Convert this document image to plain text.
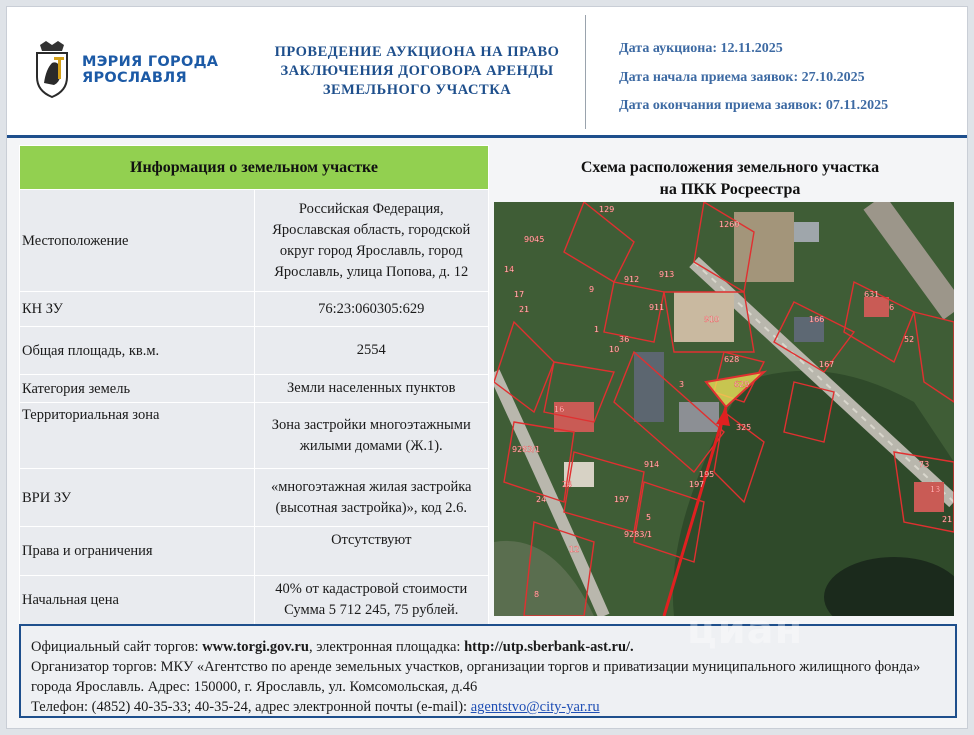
МЭРИЯ ГОРОДА
ЯРОСЛАВЛЯ
ПРОВЕДЕНИЕ АУКЦИОНА НА ПРАВО
ЗАКЛЮЧЕНИЯ ДОГОВОРА АРЕНДЫ
ЗЕМЕЛЬНОГО УЧАСТКА
Дата аукциона: 12.11.2025
Дата начала приема заявок: 27.10.2025
Дата окончания приема заявок: 07.11.2025
Информация о земельном участке	
Местоположение	Российская Федерация, Ярославская область, городской округ город Ярославль, город Ярославль, улица Попова, д. 12
КН ЗУ	76:23:060305:629
Общая площадь, кв.м.	2554
Категория земель	Земли населенных пунктов
Территориальная зона	Зона застройки многоэтажными жилыми домами (Ж.1).
ВРИ ЗУ	«многоэтажная жилая застройка (высотная застройка)», код 2.6.
Права и ограничения	Отсутствуют
Начальная цена	40% от кадастровой стоимости
Сумма 5 712 245, 75 рублей.
Схема расположения земельного участка
на ПКК Росреестра
129
1260
9045
14
17
912
913
9
910
21
166
631
6
1
36
10
911
52
628
629
3
167
16
325
9283/1
914
197
195
73
13
24
24
197
5
9283/1
12
8
21
Официальный сайт торгов: www.torgi.gov.ru, электронная площадка: http://utp.sberbank-ast.ru/.
Организатор торгов: МКУ «Агентство по аренде земельных участков, организации торгов и приватизации муниципального жилищного фонда» города Ярославль. Адрес: 150000, г. Ярославль, ул. Комсомольская, д.46
Телефон: (4852) 40-35-33; 40-35-24, адрес электронной почты (e-mail): agentstvo@city-yar.ru
циан
